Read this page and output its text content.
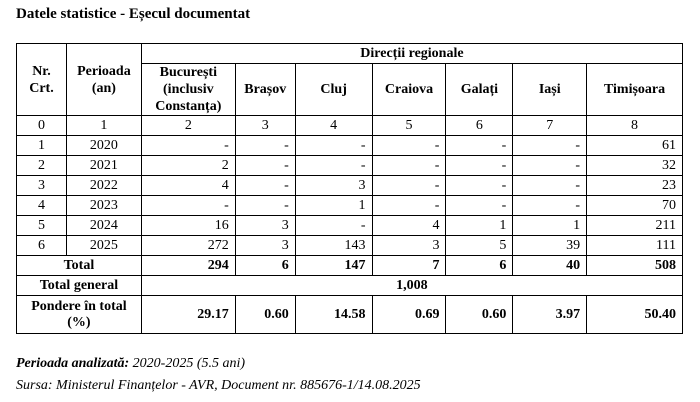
Datele statistice - Eșecul documentat
Nr. Crt.	Perioada (an)	Direcții regionale						
		București (inclusiv Constanța)	Brașov	Cluj	Craiova	Galați	Iași	Timișoara
0	1	2	3	4	5	6	7	8
1	2020	-	-	-	-	-	-	61
2	2021	2	-	-	-	-	-	32
3	2022	4	-	3	-	-	-	23
4	2023	-	-	1	-	-	-	70
5	2024	16	3	-	4	1	1	211
6	2025	272	3	143	3	5	39	111
Total		294	6	147	7	6	40	508
Total general		1,008						
Pondere în total (%)		29.17	0.60	14.58	0.69	0.60	3.97	50.40
Perioada analizată: 2020-2025 (5.5 ani)
Sursa: Ministerul Finanțelor - AVR, Document nr. 885676-1/14.08.2025
